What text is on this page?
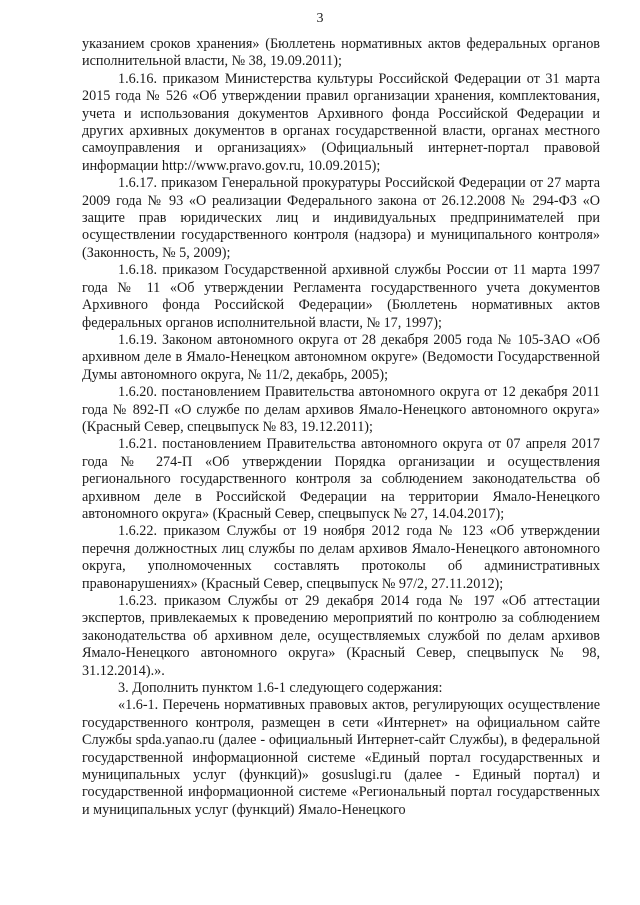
3

указанием сроков хранения» (Бюллетень нормативных актов федеральных органов исполнительной власти, № 38, 19.09.2011);

1.6.16. приказом Министерства культуры Российской Федерации от 31 марта 2015 года № 526 «Об утверждении правил организации хранения, комплектования, учета и использования документов Архивного фонда Российской Федерации и других архивных документов в органах государственной власти, органах местного самоуправления и организациях» (Официальный интернет-портал правовой информации http://www.pravo.gov.ru, 10.09.2015);

1.6.17. приказом Генеральной прокуратуры Российской Федерации от 27 марта 2009 года № 93 «О реализации Федерального закона от 26.12.2008 № 294-ФЗ «О защите прав юридических лиц и индивидуальных предпринимателей при осуществлении государственного контроля (надзора) и муниципального контроля» (Законность, № 5, 2009);

1.6.18. приказом Государственной архивной службы России от 11 марта 1997 года № 11 «Об утверждении Регламента государственного учета документов Архивного фонда Российской Федерации» (Бюллетень нормативных актов федеральных органов исполнительной власти, № 17, 1997);

1.6.19. Законом автономного округа от 28 декабря 2005 года № 105-ЗАО «Об архивном деле в Ямало-Ненецком автономном округе» (Ведомости Государственной Думы автономного округа, № 11/2, декабрь, 2005);

1.6.20. постановлением Правительства автономного округа от 12 декабря 2011 года № 892-П «О службе по делам архивов Ямало-Ненецкого автономного округа» (Красный Север, спецвыпуск № 83, 19.12.2011);

1.6.21. постановлением Правительства автономного округа от 07 апреля 2017 года № 274-П «Об утверждении Порядка организации и осуществления регионального государственного контроля за соблюдением законодательства об архивном деле в Российской Федерации на территории Ямало-Ненецкого автономного округа» (Красный Север, спецвыпуск № 27, 14.04.2017);

1.6.22. приказом Службы от 19 ноября 2012 года № 123 «Об утверждении перечня должностных лиц службы по делам архивов Ямало-Ненецкого автономного округа, уполномоченных составлять протоколы об административных правонарушениях» (Красный Север, спецвыпуск № 97/2, 27.11.2012);

1.6.23. приказом Службы от 29 декабря 2014 года № 197 «Об аттестации экспертов, привлекаемых к проведению мероприятий по контролю за соблюдением законодательства об архивном деле, осуществляемых службой по делам архивов Ямало-Ненецкого автономного округа» (Красный Север, спецвыпуск № 98, 31.12.2014).».

3. Дополнить пунктом 1.6-1 следующего содержания:

«1.6-1. Перечень нормативных правовых актов, регулирующих осуществление государственного контроля, размещен в сети «Интернет» на официальном сайте Службы spda.yanao.ru (далее - официальный Интернет-сайт Службы), в федеральной государственной информационной системе «Единый портал государственных и муниципальных услуг (функций)» gosuslugi.ru (далее - Единый портал) и государственной информационной системе «Региональный портал государственных и муниципальных услуг (функций) Ямало-Ненецкого
